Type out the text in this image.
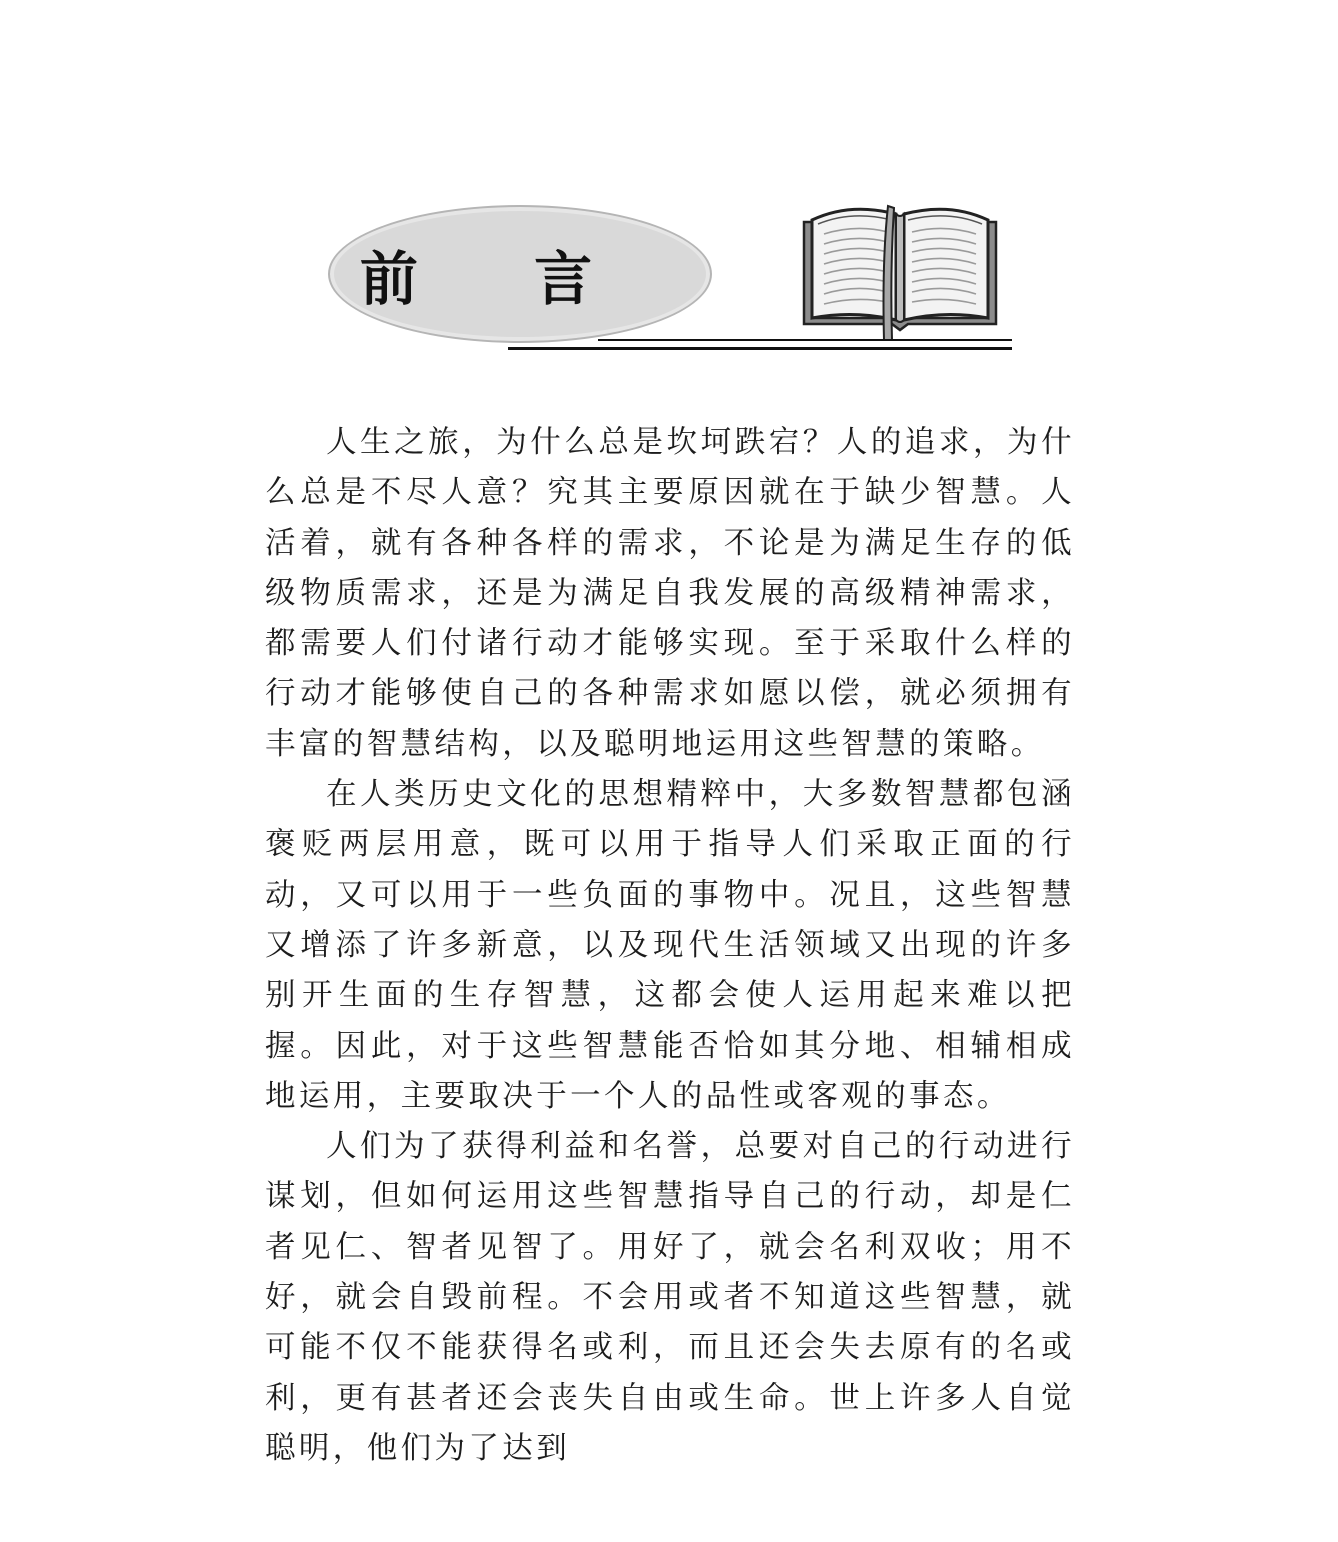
前 言

人生之旅，为什么总是坎坷跌宕？人的追求，为什么总是不尽人意？究其主要原因就在于缺少智慧。人活着，就有各种各样的需求，不论是为满足生存的低级物质需求，还是为满足自我发展的高级精神需求，都需要人们付诸行动才能够实现。至于采取什么样的行动才能够使自己的各种需求如愿以偿，就必须拥有丰富的智慧结构，以及聪明地运用这些智慧的策略。

在人类历史文化的思想精粹中，大多数智慧都包涵褒贬两层用意，既可以用于指导人们采取正面的行动，又可以用于一些负面的事物中。况且，这些智慧又增添了许多新意，以及现代生活领域又出现的许多别开生面的生存智慧，这都会使人运用起来难以把握。因此，对于这些智慧能否恰如其分地、相辅相成地运用，主要取决于一个人的品性或客观的事态。

人们为了获得利益和名誉，总要对自己的行动进行谋划，但如何运用这些智慧指导自己的行动，却是仁者见仁、智者见智了。用好了，就会名利双收；用不好，就会自毁前程。不会用或者不知道这些智慧，就可能不仅不能获得名或利，而且还会失去原有的名或利，更有甚者还会丧失自由或生命。世上许多人自觉聪明，他们为了达到
